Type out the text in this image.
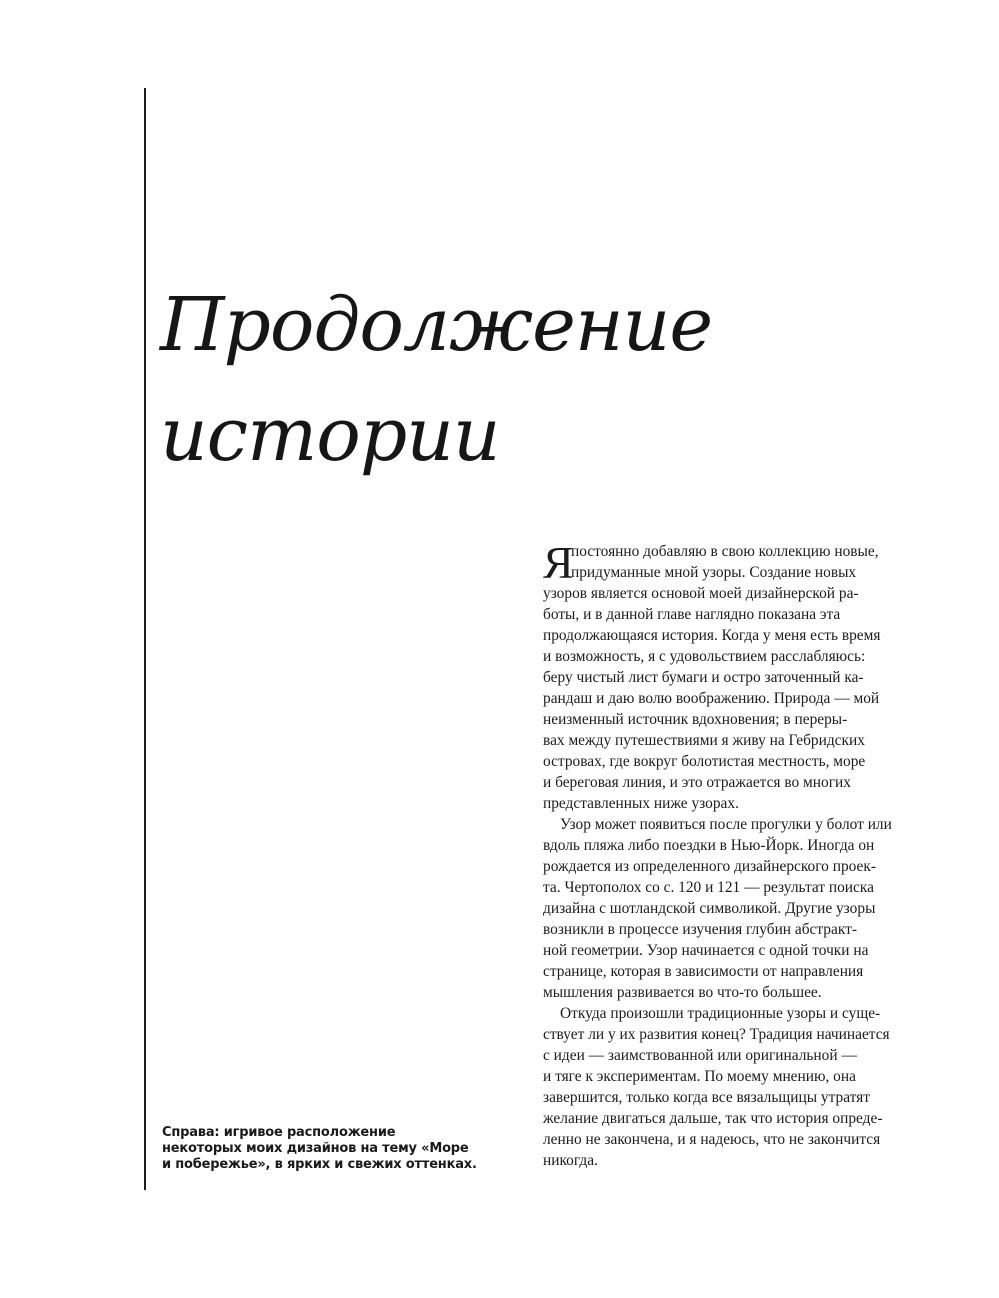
Продолжение
истории

Справа: игривое расположение
некоторых моих дизайнов на тему «Море
и побережье», в ярких и свежих оттенках.

Я
постоянно добавляю в свою коллекцию новые,
придуманные мной узоры. Создание новых
узоров является основой моей дизайнерской ра-
боты, и в данной главе наглядно показана эта
продолжающаяся история. Когда у меня есть время
и возможность, я с удовольствием расслабляюсь:
беру чистый лист бумаги и остро заточенный ка-
рандаш и даю волю воображению. Природа — мой
неизменный источник вдохновения; в переры-
вах между путешествиями я живу на Гебридских
островах, где вокруг болотистая местность, море
и береговая линия, и это отражается во многих
представленных ниже узорах.
Узор может появиться после прогулки у болот или
вдоль пляжа либо поездки в Нью-Йорк. Иногда он
рождается из определенного дизайнерского проек-
та. Чертополох со с. 120 и 121 — результат поиска
дизайна с шотландской символикой. Другие узоры
возникли в процессе изучения глубин абстракт-
ной геометрии. Узор начинается с одной точки на
странице, которая в зависимости от направления
мышления развивается во что-то большее.
Откуда произошли традиционные узоры и суще-
ствует ли у их развития конец? Традиция начинается
с идеи — заимствованной или оригинальной —
и тяге к экспериментам. По моему мнению, она
завершится, только когда все вязальщицы утратят
желание двигаться дальше, так что история опреде-
ленно не закончена, и я надеюсь, что не закончится
никогда.
